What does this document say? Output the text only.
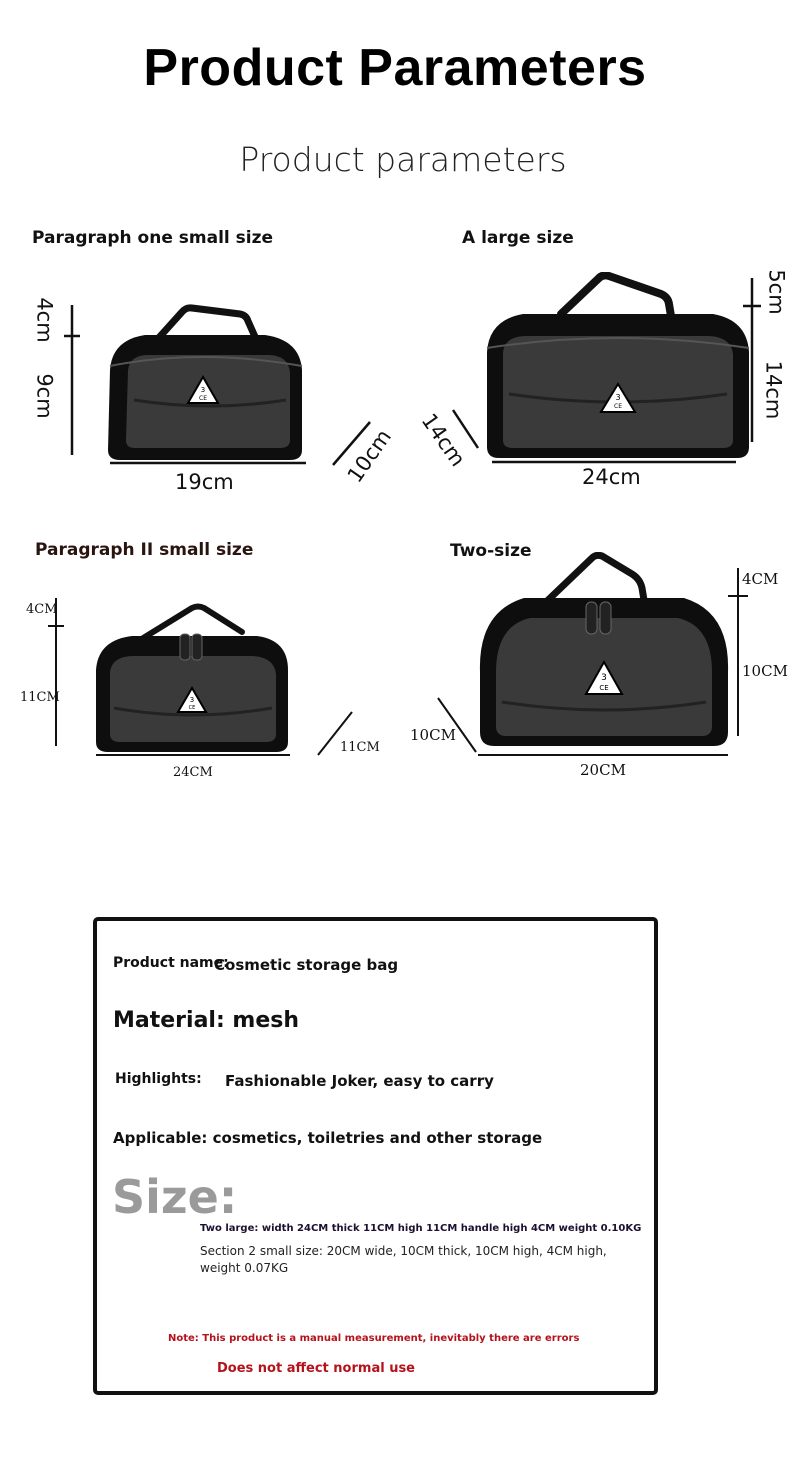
Product Parameters
Product parameters
Paragraph one small size
3
CE
4cm
9cm
19cm	10cm
A large size
3
CE
5cm
14cm
24cm
14cm
Paragraph II small size
3
CE
4CM
11CM
24CM
11CM
Two-size
3
CE
4CM
10CM
20CM
10CM
Product name:
Cosmetic storage bag
Material: mesh
Highlights: Fashionable Joker, easy to carry
Applicable: cosmetics, toiletries and other storage
Size:
Two large: width 24CM thick 11CM high 11CM handle high 4CM weight 0.10KG
Section 2 small size: 20CM wide, 10CM thick, 10CM high, 4CM high,
weight 0.07KG
Note: This product is a manual measurement, inevitably there are errors
Does not affect normal use
